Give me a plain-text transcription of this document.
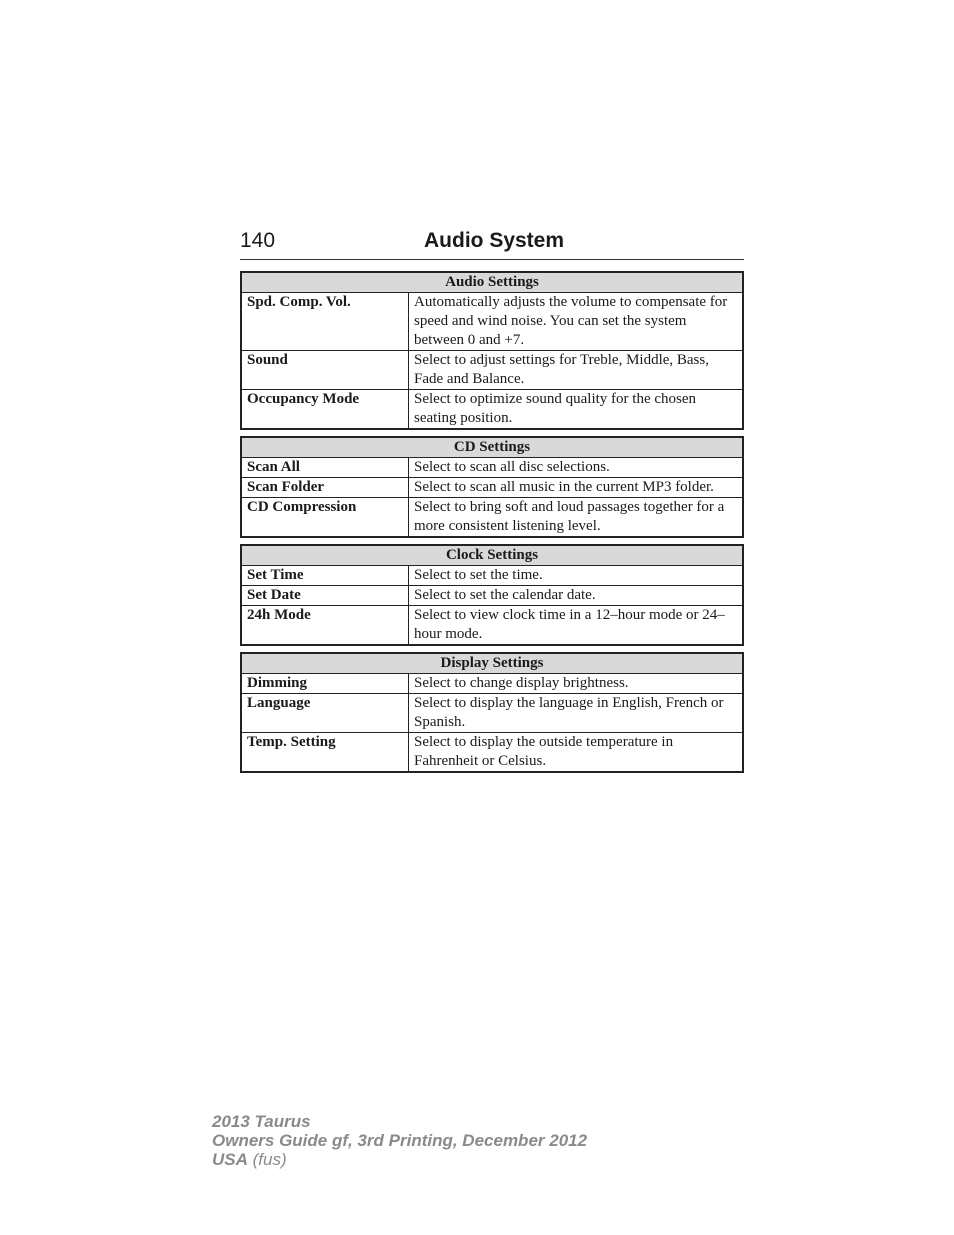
140	Audio System
Audio Settings	
Spd. Comp. Vol.	Automatically adjusts the volume to compensate for speed and wind noise. You can set the system between 0 and +7.
Sound	Select to adjust settings for Treble, Middle, Bass, Fade and Balance.
Occupancy Mode	Select to optimize sound quality for the chosen seating position.
CD Settings	
Scan All	Select to scan all disc selections.
Scan Folder	Select to scan all music in the current MP3 folder.
CD Compression	Select to bring soft and loud passages together for a more consistent listening level.
Clock Settings	
Set Time	Select to set the time.
Set Date	Select to set the calendar date.
24h Mode	Select to view clock time in a 12–hour mode or 24–hour mode.
Display Settings	
Dimming	Select to change display brightness.
Language	Select to display the language in English, French or Spanish.
Temp. Setting	Select to display the outside temperature in Fahrenheit or Celsius.
2013 Taurus
Owners Guide gf, 3rd Printing, December 2012
USA (fus)
